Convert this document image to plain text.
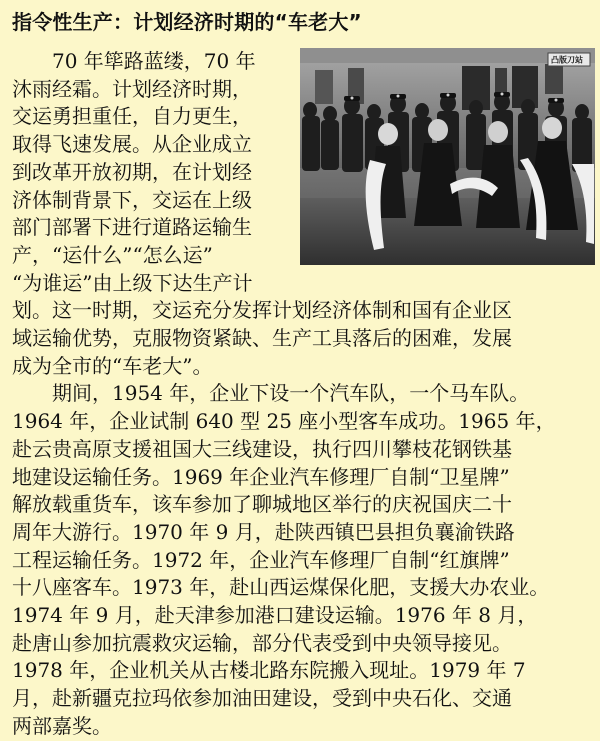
指令性生产：计划经济时期的“车老大”
凸版刀站
　　70 年筚路蓝缕，70 年
沐雨经霜。计划经济时期，
交运勇担重任，自力更生，
取得飞速发展。从企业成立
到改革开放初期，在计划经
济体制背景下，交运在上级
部门部署下进行道路运输生
产，“运什么”“怎么运”
“为谁运”由上级下达生产计
划。这一时期，交运充分发挥计划经济体制和国有企业区
域运输优势，克服物资紧缺、生产工具落后的困难，发展
成为全市的“车老大”。
　　期间，1954 年，企业下设一个汽车队，一个马车队。
1964 年，企业试制 640 型 25 座小型客车成功。1965 年，
赴云贵高原支援祖国大三线建设，执行四川攀枝花钢铁基
地建设运输任务。1969 年企业汽车修理厂自制“卫星牌”
解放载重货车，该车参加了聊城地区举行的庆祝国庆二十
周年大游行。1970 年 9 月，赴陕西镇巴县担负襄渝铁路
工程运输任务。1972 年，企业汽车修理厂自制“红旗牌”
十八座客车。1973 年，赴山西运煤保化肥，支援大办农业。
1974 年 9 月，赴天津参加港口建设运输。1976 年 8 月，
赴唐山参加抗震救灾运输，部分代表受到中央领导接见。
1978 年，企业机关从古楼北路东院搬入现址。1979 年 7
月，赴新疆克拉玛依参加油田建设，受到中央石化、交通
两部嘉奖。
